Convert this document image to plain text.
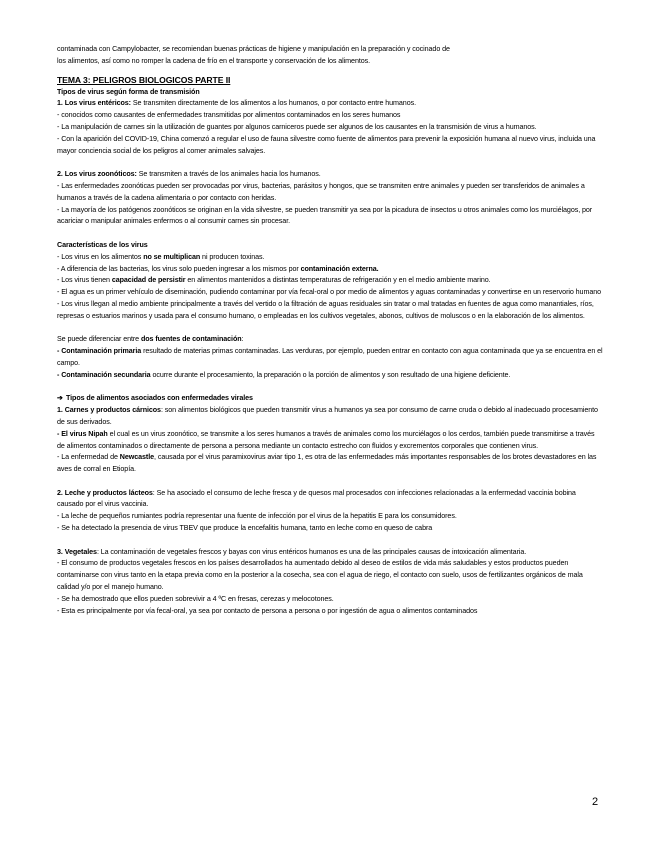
contaminada con Campylobacter, se recomiendan buenas prácticas de higiene y manipulación en la preparación y cocinado de

los alimentos, así como no romper la cadena de frío en el transporte y conservación de los alimentos.

TEMA 3: PELIGROS BIOLOGICOS PARTE II

Tipos de virus según forma de transmisión

1. Los virus entéricos: Se transmiten directamente de los alimentos a los humanos, o por contacto entre humanos.

- conocidos como causantes de enfermedades transmitidas por alimentos contaminados en los seres humanos

- La manipulación de carnes sin la utilización de guantes por algunos carniceros puede ser algunos de los causantes en la transmisión de virus a humanos.

- Con la aparición del COVID-19, China comenzó a regular el uso de fauna silvestre como fuente de alimentos para prevenir la exposición humana al nuevo virus, incluida una mayor conciencia social de los peligros al comer animales salvajes.

2. Los virus zoonóticos: Se transmiten a través de los animales hacia los humanos.

- Las enfermedades zoonóticas pueden ser provocadas por virus, bacterias, parásitos y hongos, que se transmiten entre animales y pueden ser transferidos de animales a humanos a través de la cadena alimentaria o por contacto con heridas.

- La mayoría de los patógenos zoonóticos se originan en la vida silvestre, se pueden transmitir ya sea por la picadura de insectos u otros animales como los murciélagos, por acariciar o manipular animales enfermos o al consumir carnes sin procesar.

Características de los virus

- Los virus en los alimentos no se multiplican ni producen toxinas.

- A diferencia de las bacterias, los virus solo pueden ingresar a los mismos por contaminación externa.

- Los virus tienen capacidad de persistir en alimentos mantenidos a distintas temperaturas de refrigeración y en el medio ambiente marino.

- El agua es un primer vehículo de diseminación, pudiendo contaminar por vía fecal-oral o por medio de alimentos y aguas contaminadas y convertirse en un reservorio humano

- Los virus llegan al medio ambiente principalmente a través del vertido o la filtración de aguas residuales sin tratar o mal tratadas en fuentes de agua como manantiales, ríos, represas o estuarios marinos y usada para el consumo humano, o empleadas en los cultivos vegetales, abonos, cultivos de moluscos o en la elaboración de los alimentos.

Se puede diferenciar entre dos fuentes de contaminación:

- Contaminación primaria resultado de materias primas contaminadas. Las verduras, por ejemplo, pueden entrar en contacto con agua contaminada que ya se encuentra en el campo.

- Contaminación secundaria ocurre durante el procesamiento, la preparación o la porción de alimentos y son resultado de una higiene deficiente.

➔ Tipos de alimentos asociados con enfermedades virales

1. Carnes y productos cárnicos: son alimentos biológicos que pueden transmitir virus a humanos ya sea por consumo de carne cruda o debido al inadecuado procesamiento de sus derivados.

- El virus Nipah el cual es un virus zoonótico, se transmite a los seres humanos a través de animales como los murciélagos o los cerdos, también puede transmitirse a través de alimentos contaminados o directamente de persona a persona mediante un contacto estrecho con fluidos y excrementos corporales que contienen virus.

- La enfermedad de Newcastle, causada por el virus paramixovirus aviar tipo 1, es otra de las enfermedades más importantes responsables de los brotes devastadores en las aves de corral en Etiopía.

2. Leche y productos lácteos: Se ha asociado el consumo de leche fresca y de quesos mal procesados con infecciones relacionadas a la enfermedad vaccinia bobina causado por el virus vaccinia.

- La leche de pequeños rumiantes podría representar una fuente de infección por el virus de la hepatitis E para los consumidores.

- Se ha detectado la presencia de virus TBEV que produce la encefalitis humana, tanto en leche como en queso de cabra

3. Vegetales: La contaminación de vegetales frescos y bayas con virus entéricos humanos es una de las principales causas de intoxicación alimentaria.

- El consumo de productos vegetales frescos en los países desarrollados ha aumentado debido al deseo de estilos de vida más saludables y estos productos pueden contaminarse con virus tanto en la etapa previa como en la posterior a la cosecha, sea con el agua de riego, el contacto con suelo, usos de fertilizantes orgánicos de mala calidad y/o por el manejo humano.

- Se ha demostrado que ellos pueden sobrevivir a 4 ºC en fresas, cerezas y melocotones.

- Esta es principalmente por vía fecal-oral, ya sea por contacto de persona a persona o por ingestión de agua o alimentos contaminados

2
